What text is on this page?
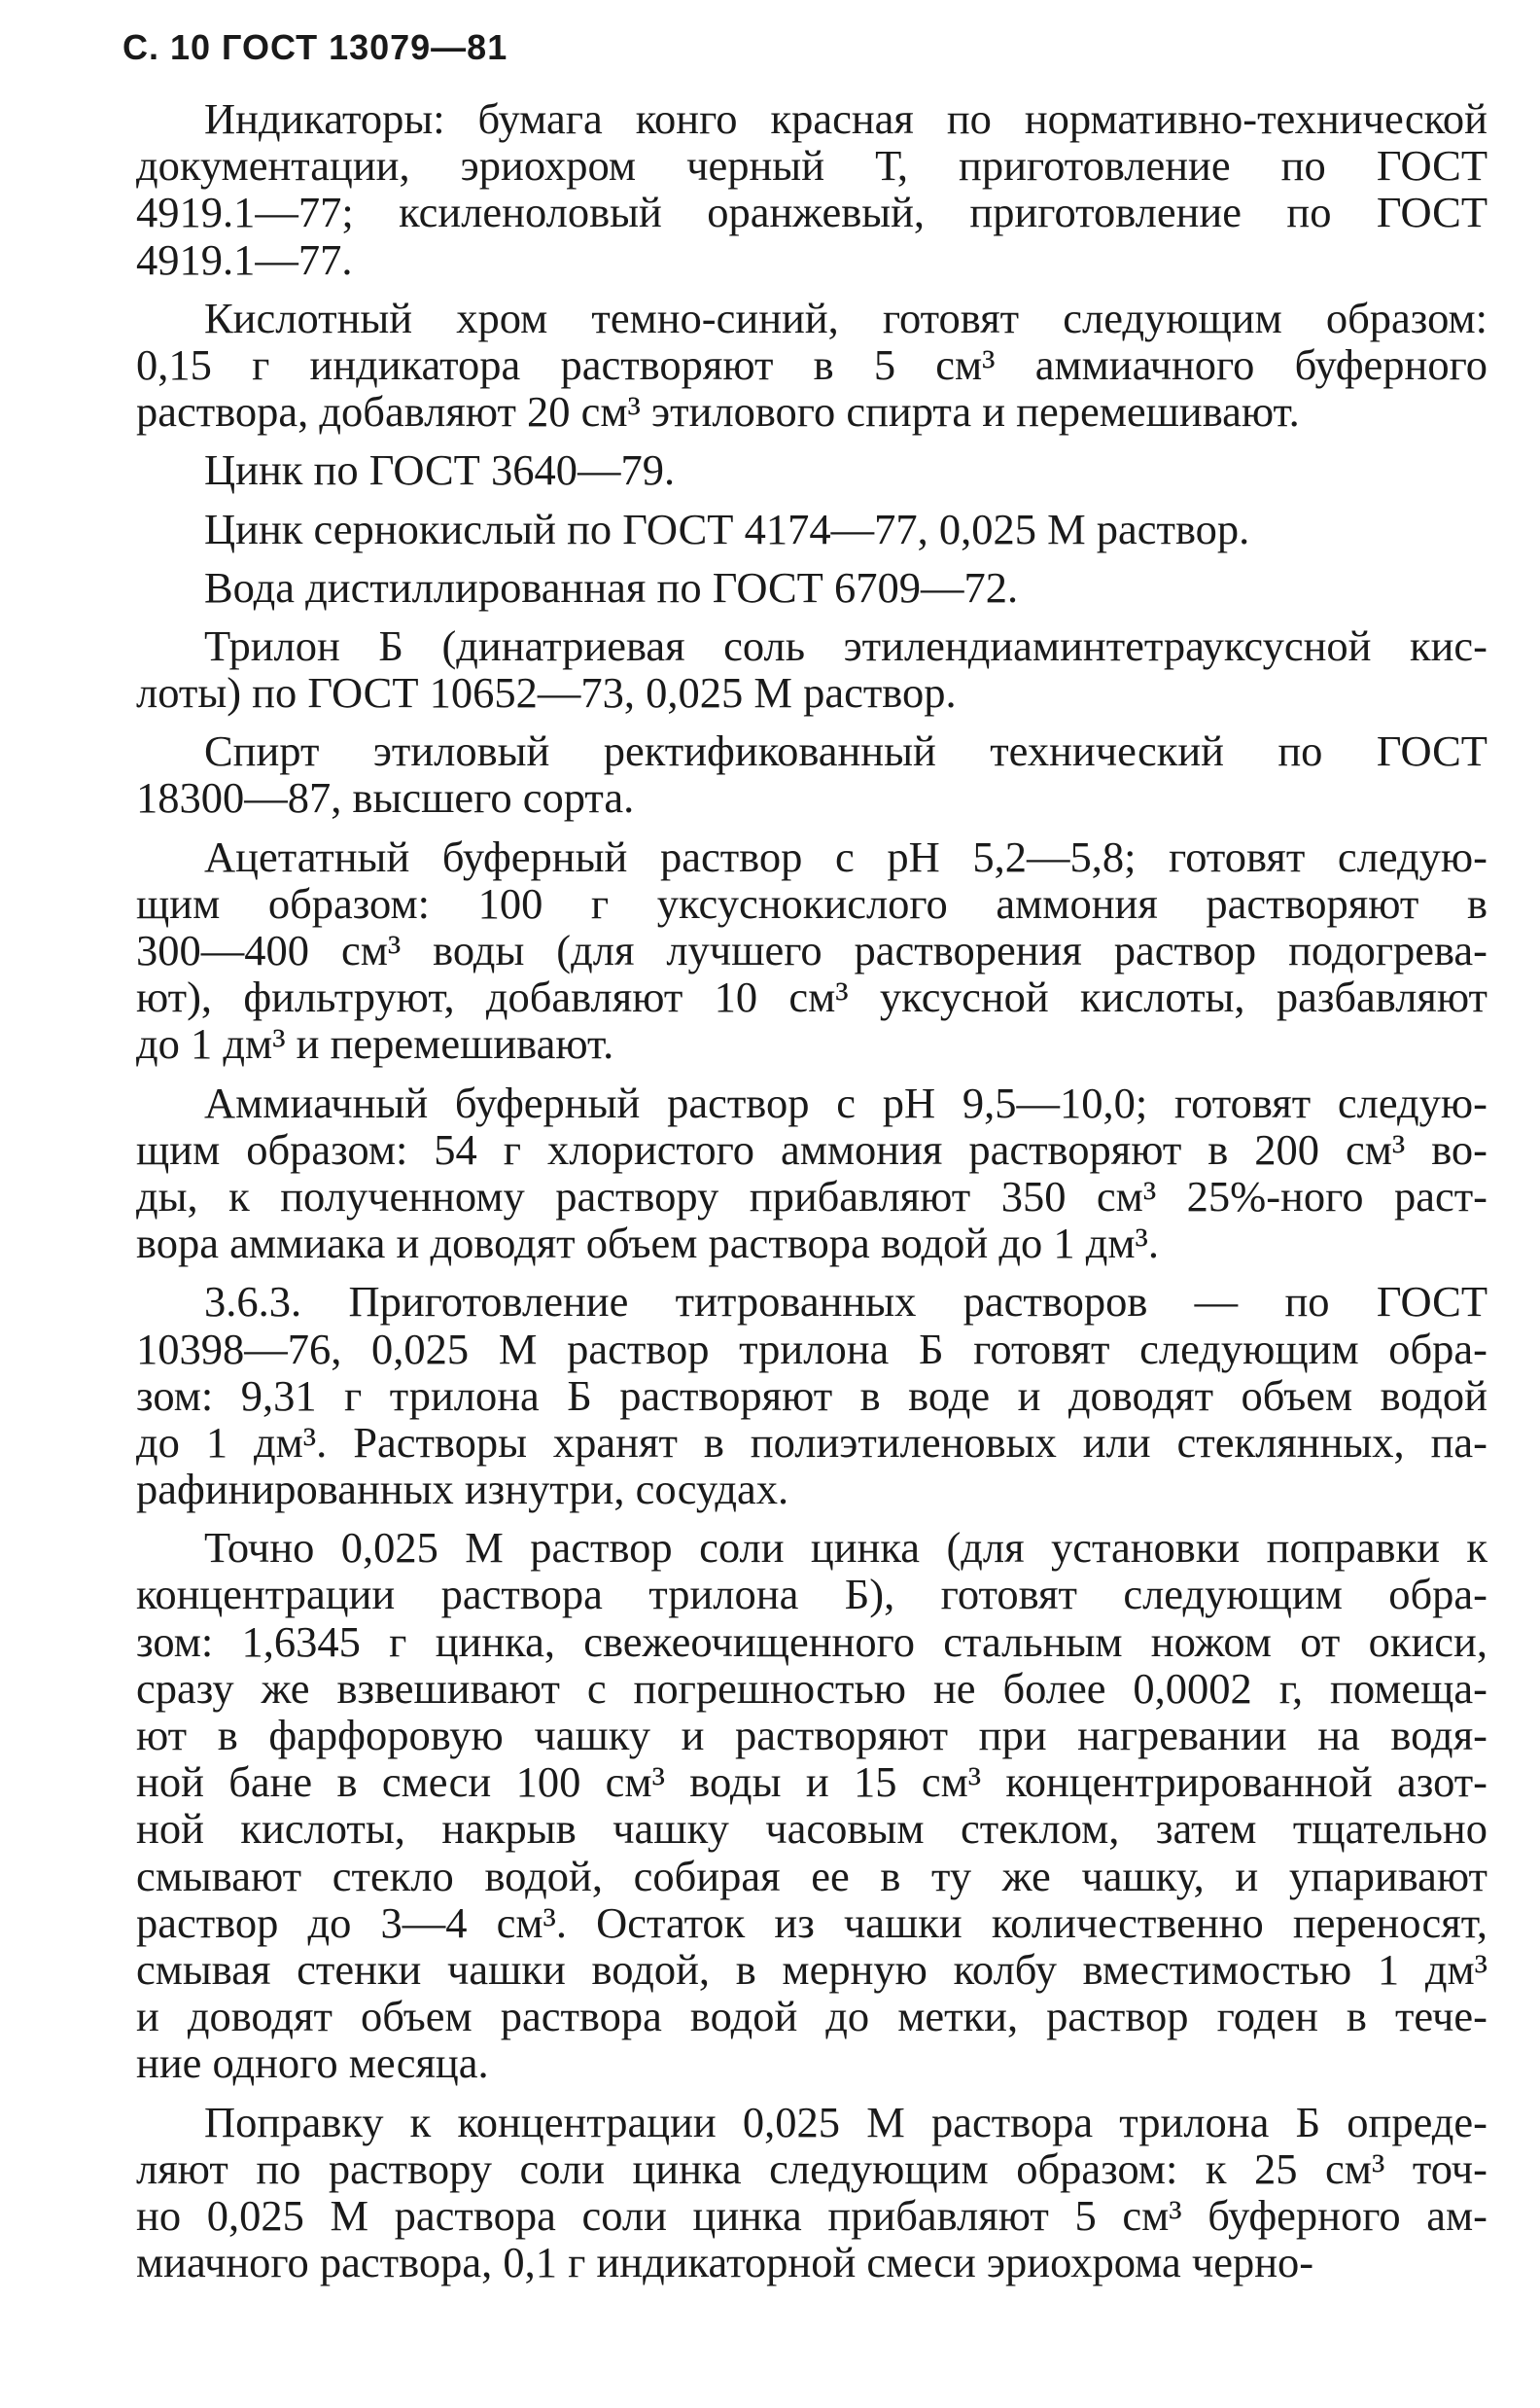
С. 10 ГОСТ 13079—81
Индикаторы: бумага конго красная по нормативно-технической
документации, эриохром черный Т, приготовление по ГОСТ
4919.1—77; ксиленоловый оранжевый, приготовление по ГОСТ
4919.1—77.
Кислотный хром темно-синий, готовят следующим образом:
0,15 г индикатора растворяют в 5 см³ аммиачного буферного
раствора, добавляют 20 см³ этилового спирта и перемешивают.
Цинк по ГОСТ 3640—79.
Цинк сернокислый по ГОСТ 4174—77, 0,025 М раствор.
Вода дистиллированная по ГОСТ 6709—72.
Трилон Б (динатриевая соль этилендиаминтетрауксусной кис-
лоты) по ГОСТ 10652—73, 0,025 М раствор.
Спирт этиловый ректификованный технический по ГОСТ
18300—87, высшего сорта.
Ацетатный буферный раствор с pH 5,2—5,8; готовят следую-
щим образом: 100 г уксуснокислого аммония растворяют в
300—400 см³ воды (для лучшего растворения раствор подогрева-
ют), фильтруют, добавляют 10 см³ уксусной кислоты, разбавляют
до 1 дм³ и перемешивают.
Аммиачный буферный раствор с pH 9,5—10,0; готовят следую-
щим образом: 54 г хлористого аммония растворяют в 200 см³ во-
ды, к полученному раствору прибавляют 350 см³ 25%-ного раст-
вора аммиака и доводят объем раствора водой до 1 дм³.
3.6.3. Приготовление титрованных растворов — по ГОСТ
10398—76, 0,025 М раствор трилона Б готовят следующим обра-
зом: 9,31 г трилона Б растворяют в воде и доводят объем водой
до 1 дм³. Растворы хранят в полиэтиленовых или стеклянных, па-
рафинированных изнутри, сосудах.
Точно 0,025 М раствор соли цинка (для установки поправки к
концентрации раствора трилона Б), готовят следующим обра-
зом: 1,6345 г цинка, свежеочищенного стальным ножом от окиси,
сразу же взвешивают с погрешностью не более 0,0002 г, помеща-
ют в фарфоровую чашку и растворяют при нагревании на водя-
ной бане в смеси 100 см³ воды и 15 см³ концентрированной азот-
ной кислоты, накрыв чашку часовым стеклом, затем тщательно
смывают стекло водой, собирая ее в ту же чашку, и упаривают
раствор до 3—4 см³. Остаток из чашки количественно переносят,
смывая стенки чашки водой, в мерную колбу вместимостью 1 дм³
и доводят объем раствора водой до метки, раствор годен в тече-
ние одного месяца.
Поправку к концентрации 0,025 М раствора трилона Б опреде-
ляют по раствору соли цинка следующим образом: к 25 см³ точ-
но 0,025 М раствора соли цинка прибавляют 5 см³ буферного ам-
миачного раствора, 0,1 г индикаторной смеси эриохрома черно-
